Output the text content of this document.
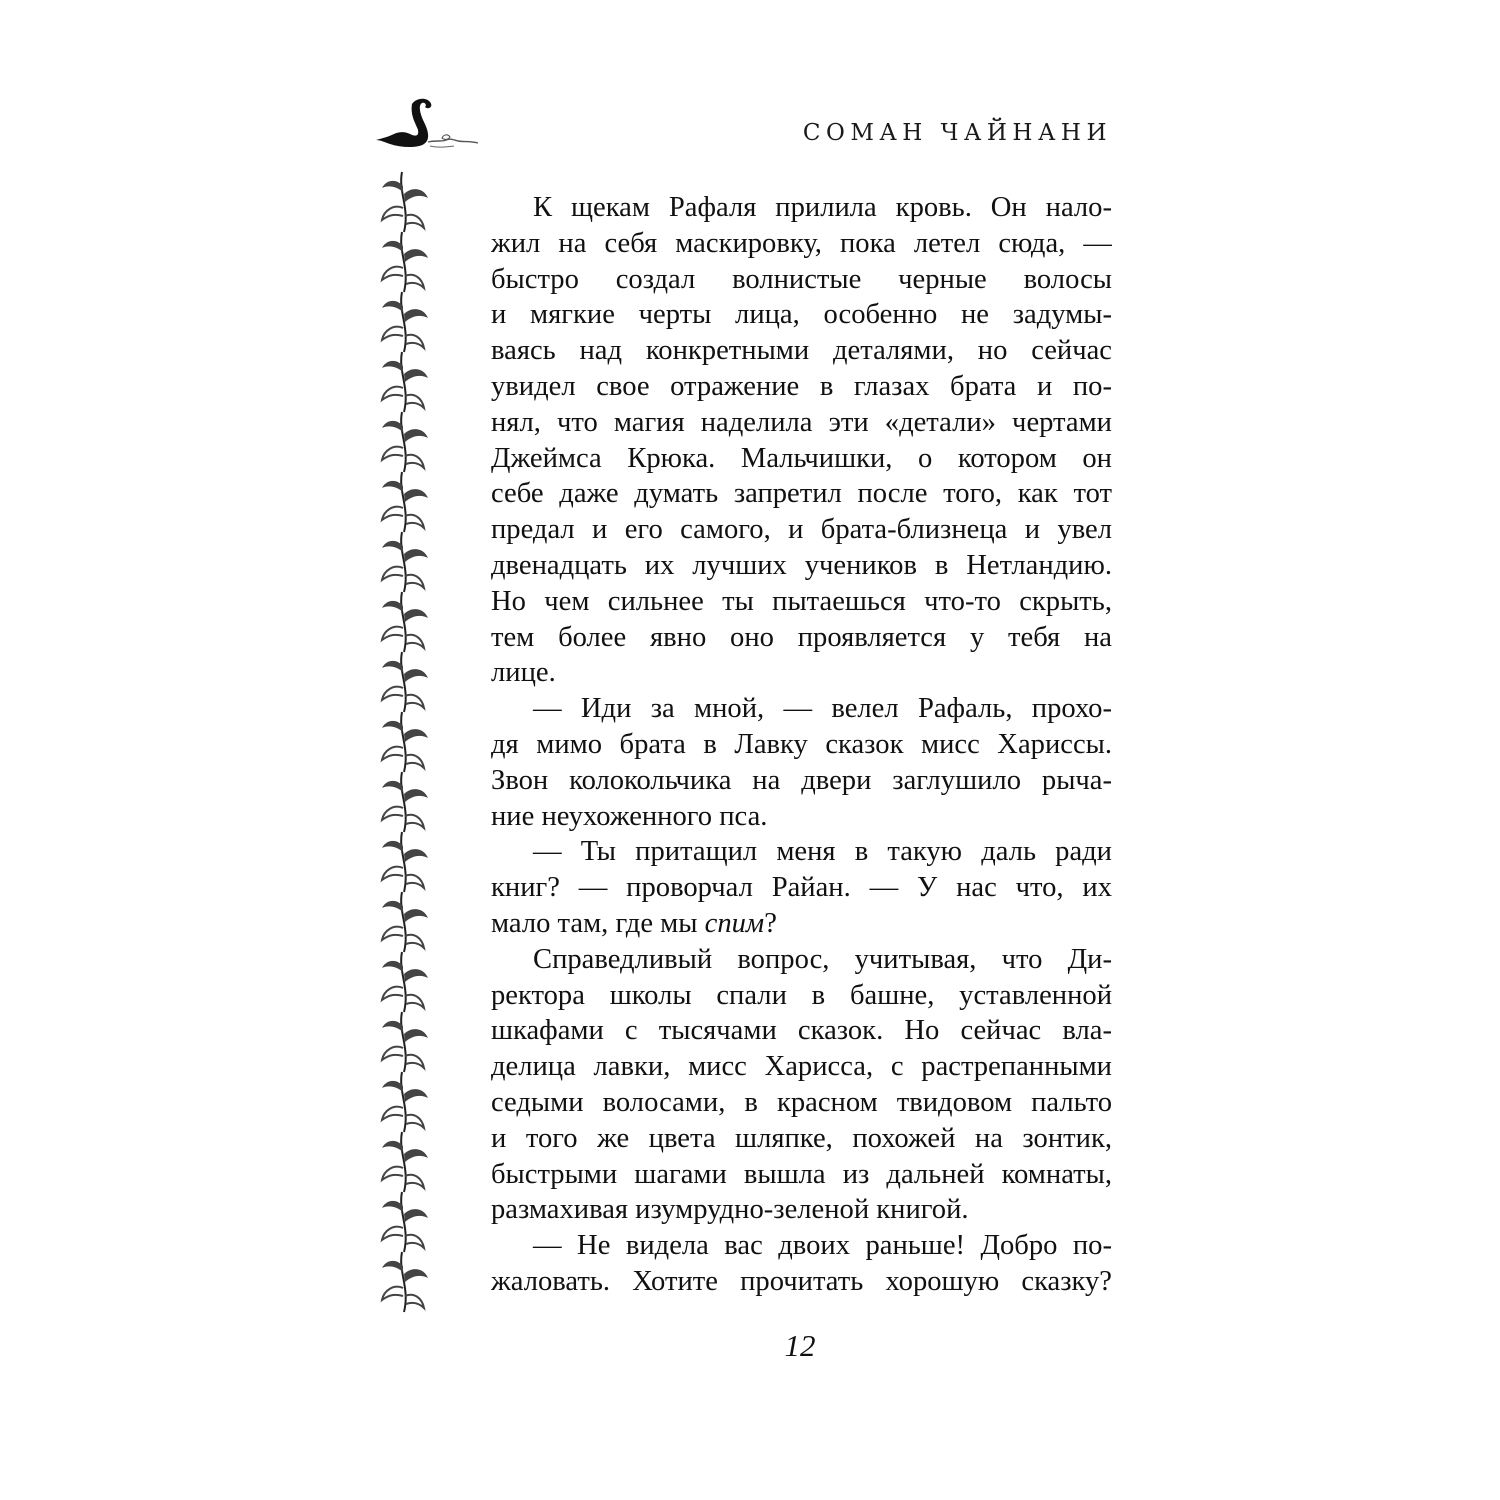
СОМАН ЧАЙНАНИ
К щекам Рафаля прилила кровь. Он нало-
жил на себя маскировку, пока летел сюда, —
быстро создал волнистые черные волосы
и мягкие черты лица, особенно не задумы-
ваясь над конкретными деталями, но сейчас
увидел свое отражение в глазах брата и по-
нял, что магия наделила эти «детали» чертами
Джеймса Крюка. Мальчишки, о котором он
себе даже думать запретил после того, как тот
предал и его самого, и брата-близнеца и увел
двенадцать их лучших учеников в Нетландию.
Но чем сильнее ты пытаешься что-то скрыть,
тем более явно оно проявляется у тебя на
лице.
— Иди за мной, — велел Рафаль, прохо-
дя мимо брата в Лавку сказок мисс Хариссы.
Звон колокольчика на двери заглушило рыча-
ние неухоженного пса.
— Ты притащил меня в такую даль ради
книг? — проворчал Райан. — У нас что, их
мало там, где мы спим?
Справедливый вопрос, учитывая, что Ди-
ректора школы спали в башне, уставленной
шкафами с тысячами сказок. Но сейчас вла-
делица лавки, мисс Харисса, с растрепанными
седыми волосами, в красном твидовом пальто
и того же цвета шляпке, похожей на зонтик,
быстрыми шагами вышла из дальней комнаты,
размахивая изумрудно-зеленой книгой.
— Не видела вас двоих раньше! Добро по-
жаловать. Хотите прочитать хорошую сказку?
12
